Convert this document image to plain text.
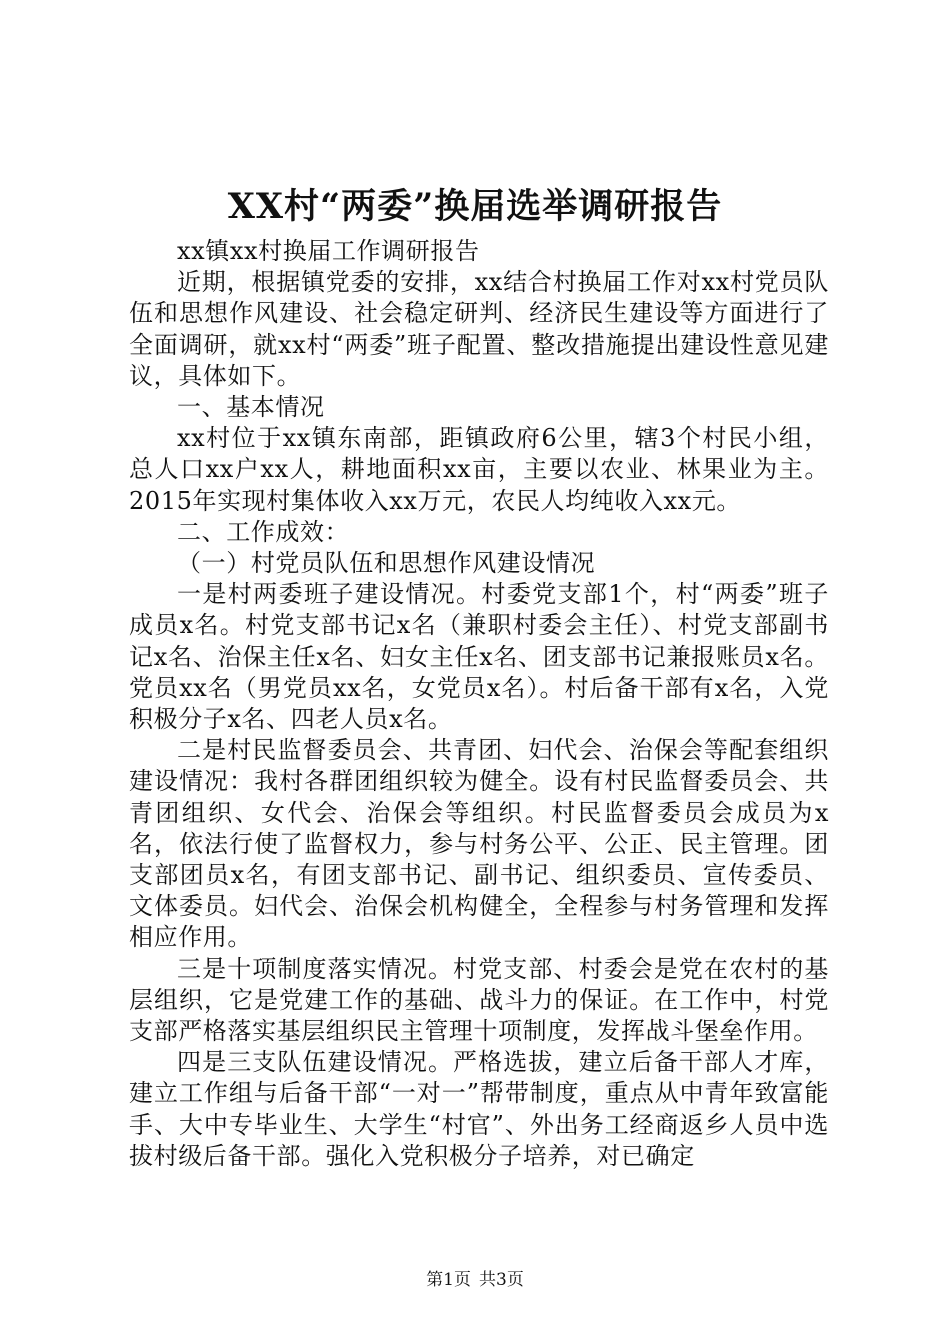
XX村“两委”换届选举调研报告

xx镇xx村换届工作调研报告

近期，根据镇党委的安排，xx结合村换届工作对xx村党员队伍和思想作风建设、社会稳定研判、经济民生建设等方面进行了全面调研，就xx村“两委”班子配置、整改措施提出建设性意见建议，具体如下。

一、基本情况

xx村位于xx镇东南部，距镇政府6公里，辖3个村民小组，总人口xx户xx人，耕地面积xx亩，主要以农业、林果业为主。2015年实现村集体收入xx万元，农民人均纯收入xx元。

二、工作成效：

（一）村党员队伍和思想作风建设情况

一是村两委班子建设情况。村委党支部1个，村“两委”班子成员x名。村党支部书记x名（兼职村委会主任）、村党支部副书记x名、治保主任x名、妇女主任x名、团支部书记兼报账员x名。党员xx名（男党员xx名，女党员x名）。村后备干部有x名，入党积极分子x名、四老人员x名。

二是村民监督委员会、共青团、妇代会、治保会等配套组织建设情况：我村各群团组织较为健全。设有村民监督委员会、共青团组织、女代会、治保会等组织。村民监督委员会成员为x名，依法行使了监督权力，参与村务公平、公正、民主管理。团支部团员x名，有团支部书记、副书记、组织委员、宣传委员、文体委员。妇代会、治保会机构健全，全程参与村务管理和发挥相应作用。

三是十项制度落实情况。村党支部、村委会是党在农村的基层组织，它是党建工作的基础、战斗力的保证。在工作中，村党支部严格落实基层组织民主管理十项制度，发挥战斗堡垒作用。

四是三支队伍建设情况。严格选拔，建立后备干部人才库，建立工作组与后备干部“一对一”帮带制度，重点从中青年致富能手、大中专毕业生、大学生“村官”、外出务工经商返乡人员中选拔村级后备干部。强化入党积极分子培养，对已确定

第1页 共3页
